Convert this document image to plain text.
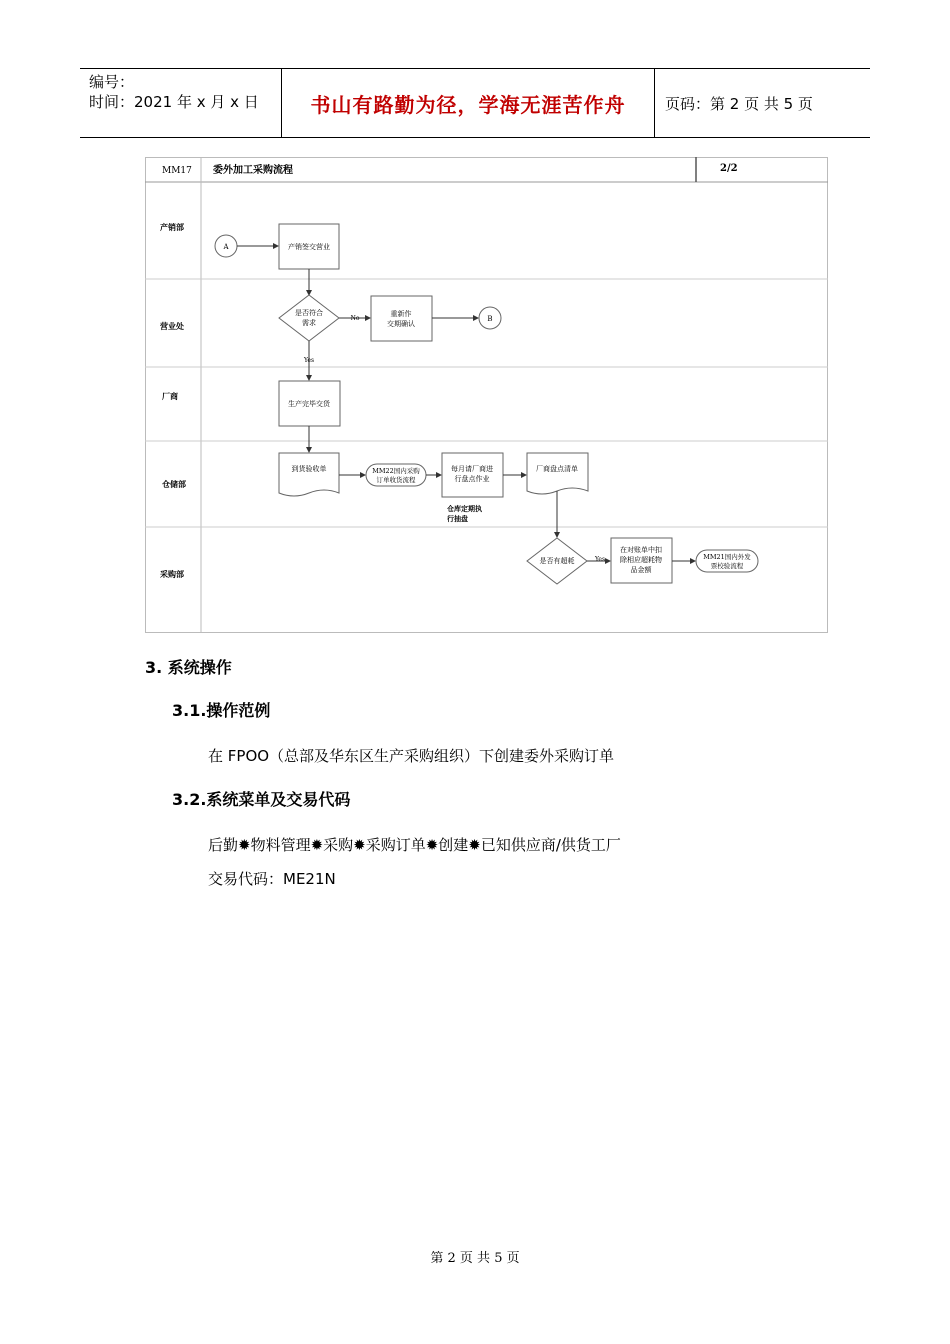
编号：
时间：2021 年 x 月 x 日	书山有路勤为径，学海无涯苦作舟	页码：第 2 页 共 5 页
MM17 委外加工采购流程	2/2
产销部
营业处
厂商
仓储部
采购部
A	产销签交营业
是否符合
需求
No
重新作
交期确认
B
Yes
生产完毕交货
到货验收单	MM22国内采购
订单收货流程
每月请厂商进
行盘点作业
仓库定期执
行抽盘
厂商盘点清单
是否有超耗	Yes
在对账单中扣
除相应超耗物
品金额
MM21国内外发
票校验流程
3. 系统操作
3.1.操作范例
在 FPOO（总部及华东区生产采购组织）下创建委外采购订单
3.2.系统菜单及交易代码
后勤✹物料管理✹采购✹采购订单✹创建✹已知供应商/供货工厂
交易代码：ME21N
第 2 页 共 5 页
